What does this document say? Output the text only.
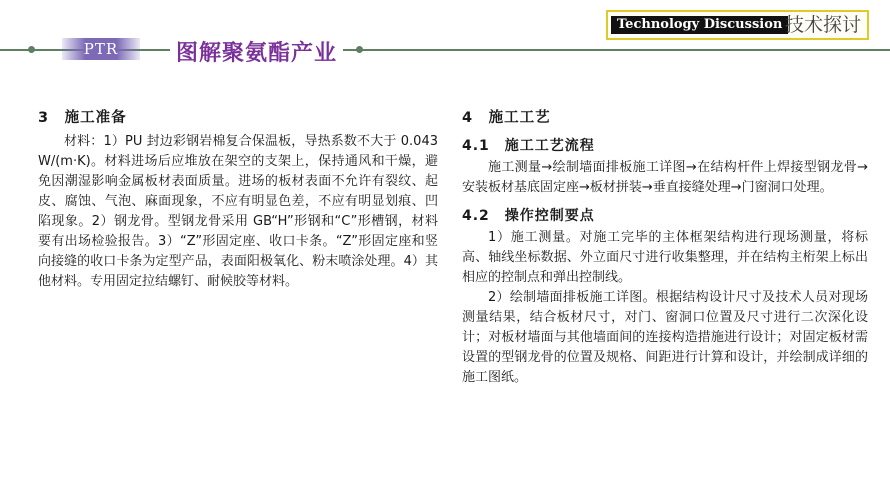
PTR	图解聚氨酯产业
Technology Discussion 技术探讨
3　施工准备

材料：1）PU 封边彩钢岩棉复合保温板，导热系数不大于 0.043 W/(m·K)。材料进场后应堆放在架空的支架上，保持通风和干燥，避免因潮湿影响金属板材表面质量。进场的板材表面不允许有裂纹、起皮、腐蚀、气泡、麻面现象，不应有明显色差，不应有明显划痕、凹陷现象。2）钢龙骨。型钢龙骨采用 GB“H”形钢和“C”形槽钢，材料要有出场检验报告。3）“Z”形固定座、收口卡条。“Z”形固定座和竖向接缝的收口卡条为定型产品，表面阳极氧化、粉末喷涂处理。4）其他材料。专用固定拉结螺钉、耐候胶等材料。

4　施工工艺
4.1　施工工艺流程

施工测量→绘制墙面排板施工详图→在结构杆件上焊接型钢龙骨→安装板材基底固定座→板材拼装→垂直接缝处理→门窗洞口处理。

4.2　操作控制要点

1）施工测量。对施工完毕的主体框架结构进行现场测量，将标高、轴线坐标数据、外立面尺寸进行收集整理，并在结构主桁架上标出相应的控制点和弹出控制线。

2）绘制墙面排板施工详图。根据结构设计尺寸及技术人员对现场测量结果，结合板材尺寸，对门、窗洞口位置及尺寸进行二次深化设计；对板材墙面与其他墙面间的连接构造措施进行设计；对固定板材需设置的型钢龙骨的位置及规格、间距进行计算和设计，并绘制成详细的施工图纸。
